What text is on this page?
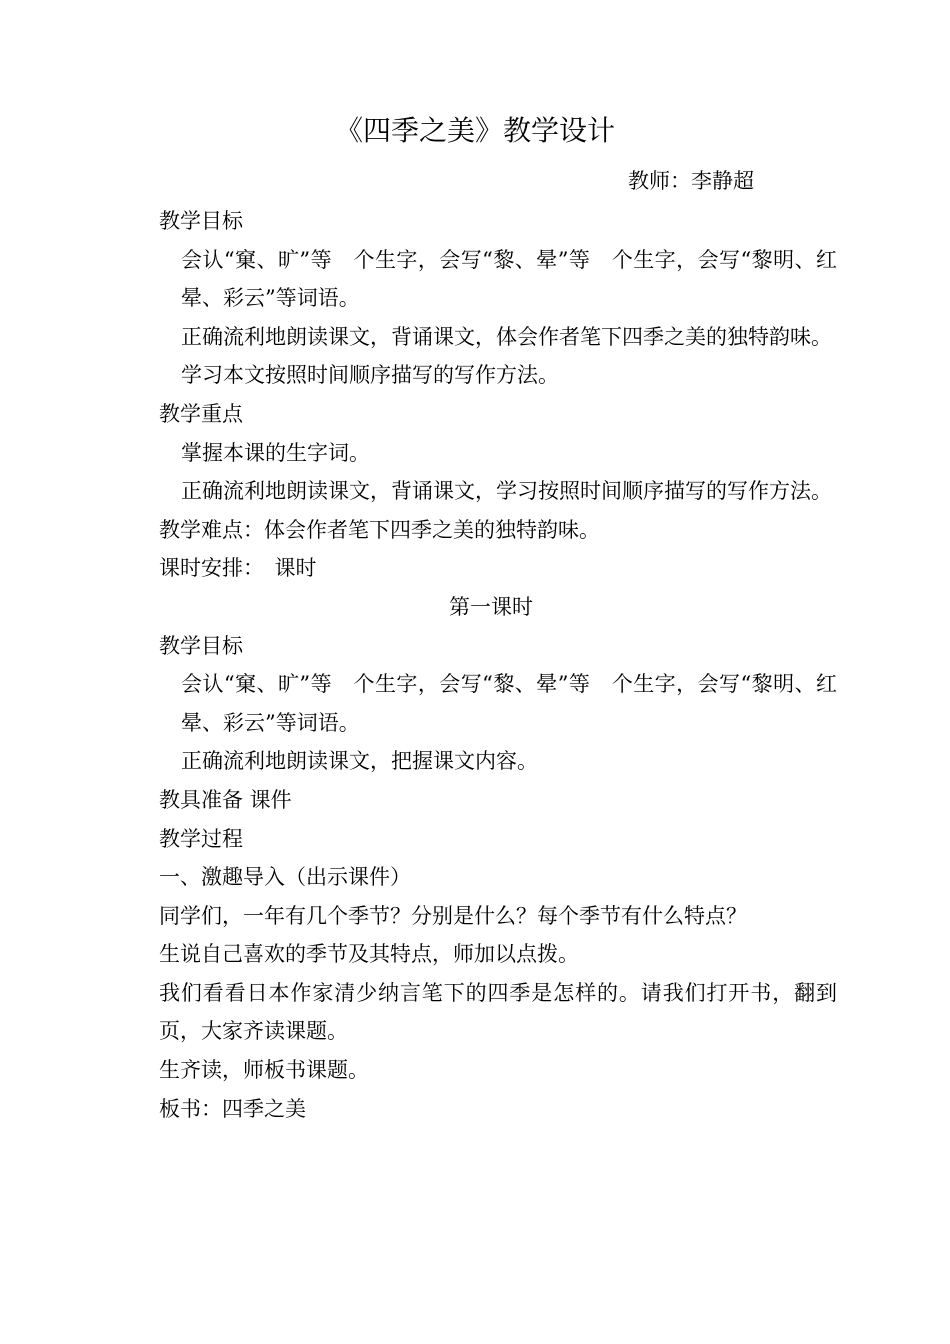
《四季之美》教学设计
教师：李静超

教学目标

会认“窠、旷”等　个生字，会写“黎、晕”等　个生字，会写“黎明、红晕、彩云”等词语。

正确流利地朗读课文，背诵课文，体会作者笔下四季之美的独特韵味。

学习本文按照时间顺序描写的写作方法。

教学重点

掌握本课的生字词。

正确流利地朗读课文，背诵课文，学习按照时间顺序描写的写作方法。

教学难点：体会作者笔下四季之美的独特韵味。

课时安排：　课时

第一课时

教学目标

会认“窠、旷”等　个生字，会写“黎、晕”等　个生字，会写“黎明、红晕、彩云”等词语。

正确流利地朗读课文，把握课文内容。

教具准备 课件

教学过程

一、激趣导入（出示课件）

同学们，一年有几个季节？分别是什么？每个季节有什么特点？

生说自己喜欢的季节及其特点，师加以点拨。

我们看看日本作家清少纳言笔下的四季是怎样的。请我们打开书，翻到　页，大家齐读课题。

生齐读，师板书课题。

板书：四季之美
